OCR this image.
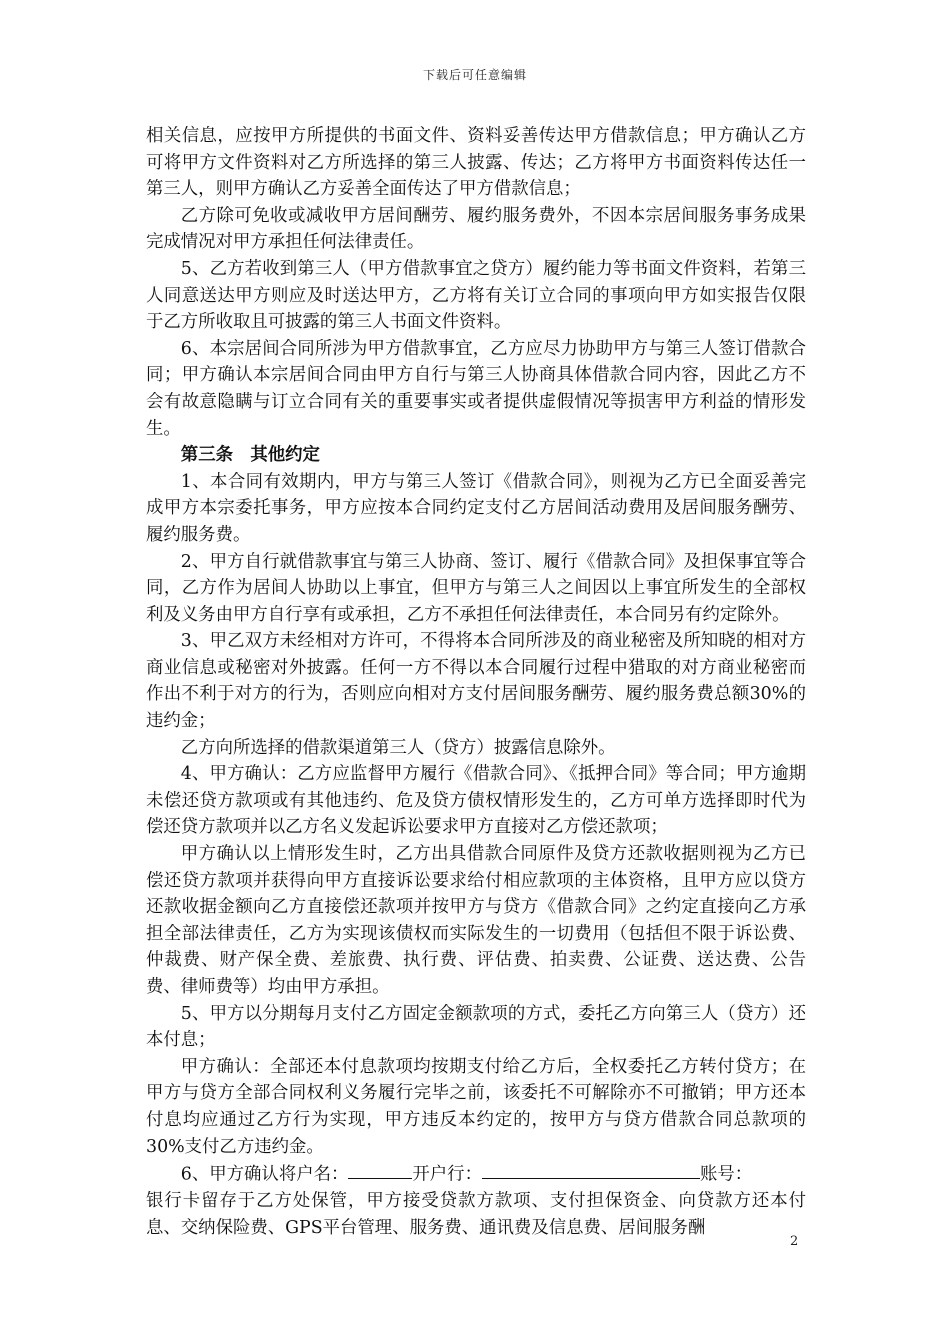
下载后可任意编辑

相关信息，应按甲方所提供的书面文件、资料妥善传达甲方借款信息；甲方确认乙方可将甲方文件资料对乙方所选择的第三人披露、传达；乙方将甲方书面资料传达任一第三人，则甲方确认乙方妥善全面传达了甲方借款信息；

乙方除可免收或减收甲方居间酬劳、履约服务费外，不因本宗居间服务事务成果完成情况对甲方承担任何法律责任。

5、乙方若收到第三人（甲方借款事宜之贷方）履约能力等书面文件资料，若第三人同意送达甲方则应及时送达甲方，乙方将有关订立合同的事项向甲方如实报告仅限于乙方所收取且可披露的第三人书面文件资料。

6、本宗居间合同所涉为甲方借款事宜，乙方应尽力协助甲方与第三人签订借款合同；甲方确认本宗居间合同由甲方自行与第三人协商具体借款合同内容，因此乙方不会有故意隐瞒与订立合同有关的重要事实或者提供虚假情况等损害甲方利益的情形发生。

第三条　其他约定

1、本合同有效期内，甲方与第三人签订《借款合同》，则视为乙方已全面妥善完成甲方本宗委托事务，甲方应按本合同约定支付乙方居间活动费用及居间服务酬劳、履约服务费。

2、甲方自行就借款事宜与第三人协商、签订、履行《借款合同》及担保事宜等合同，乙方作为居间人协助以上事宜，但甲方与第三人之间因以上事宜所发生的全部权利及义务由甲方自行享有或承担，乙方不承担任何法律责任，本合同另有约定除外。

3、甲乙双方未经相对方许可，不得将本合同所涉及的商业秘密及所知晓的相对方商业信息或秘密对外披露。任何一方不得以本合同履行过程中猎取的对方商业秘密而作出不利于对方的行为，否则应向相对方支付居间服务酬劳、履约服务费总额30%的违约金；

乙方向所选择的借款渠道第三人（贷方）披露信息除外。

4、甲方确认：乙方应监督甲方履行《借款合同》、《抵押合同》等合同；甲方逾期未偿还贷方款项或有其他违约、危及贷方债权情形发生的，乙方可单方选择即时代为偿还贷方款项并以乙方名义发起诉讼要求甲方直接对乙方偿还款项；

甲方确认以上情形发生时，乙方出具借款合同原件及贷方还款收据则视为乙方已偿还贷方款项并获得向甲方直接诉讼要求给付相应款项的主体资格，且甲方应以贷方还款收据金额向乙方直接偿还款项并按甲方与贷方《借款合同》之约定直接向乙方承担全部法律责任，乙方为实现该债权而实际发生的一切费用（包括但不限于诉讼费、仲裁费、财产保全费、差旅费、执行费、评估费、拍卖费、公证费、送达费、公告费、律师费等）均由甲方承担。

5、甲方以分期每月支付乙方固定金额款项的方式，委托乙方向第三人（贷方）还本付息；

甲方确认：全部还本付息款项均按期支付给乙方后，全权委托乙方转付贷方；在甲方与贷方全部合同权利义务履行完毕之前，该委托不可解除亦不可撤销；甲方还本付息均应通过乙方行为实现，甲方违反本约定的，按甲方与贷方借款合同总款项的30%支付乙方违约金。

6、甲方确认将户名：	开户行：	账号：

银行卡留存于乙方处保管，甲方接受贷款方款项、支付担保资金、向贷款方还本付息、交纳保险费、GPS平台管理、服务费、通讯费及信息费、居间服务酬

2
